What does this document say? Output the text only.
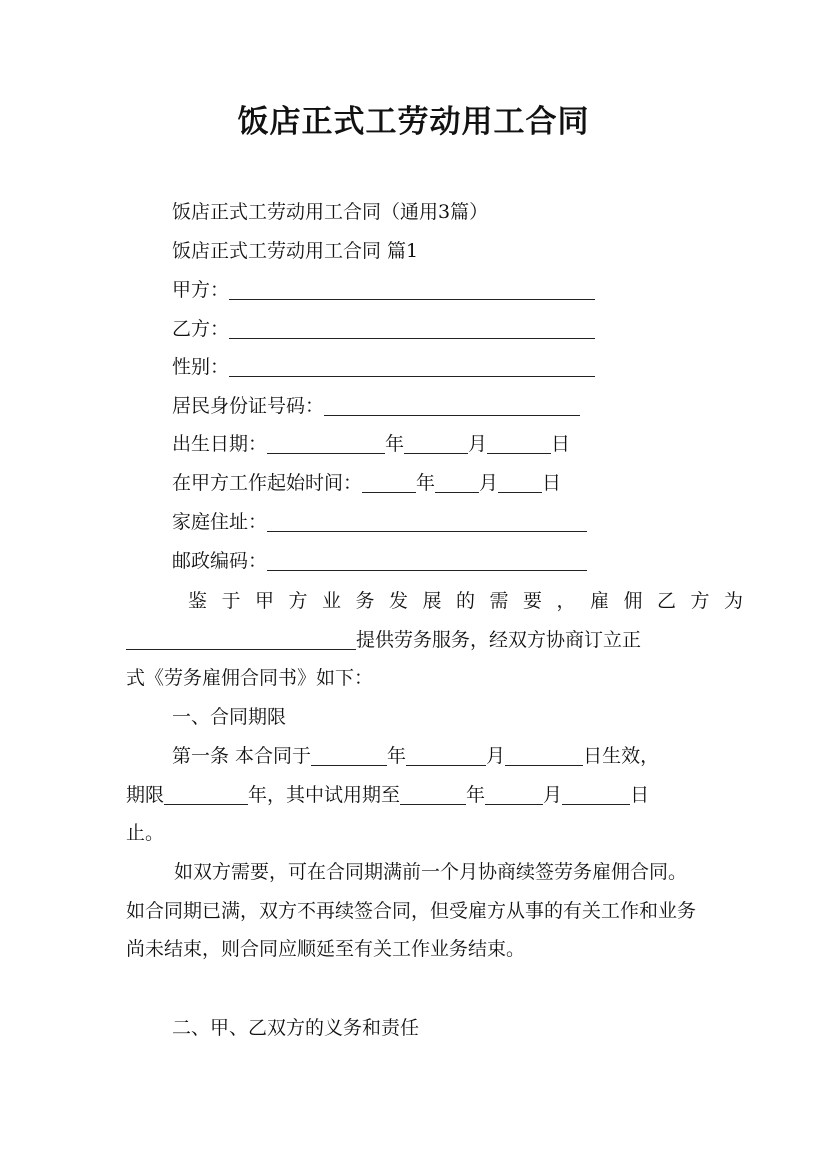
饭店正式工劳动用工合同
饭店正式工劳动用工合同（通用3篇）
饭店正式工劳动用工合同 篇1
甲方：
乙方：
性别：
居民身份证号码：
出生日期：	年	月	日
在甲方工作起始时间：	年 月 日
家庭住址：
邮政编码：
鉴于甲方业务发展的需要，雇佣乙方为
提供劳务服务，经双方协商订立正
式《劳务雇佣合同书》如下：
一、合同期限
第一条 本合同于	年	月	日生效，
期限	年，其中试用期至	年	月	日
止。
如双方需要，可在合同期满前一个月协商续签劳务雇佣合同。如合同期已满，双方不再续签合同，但受雇方从事的有关工作和业务尚未结束，则合同应顺延至有关工作业务结束。
二、甲、乙双方的义务和责任
